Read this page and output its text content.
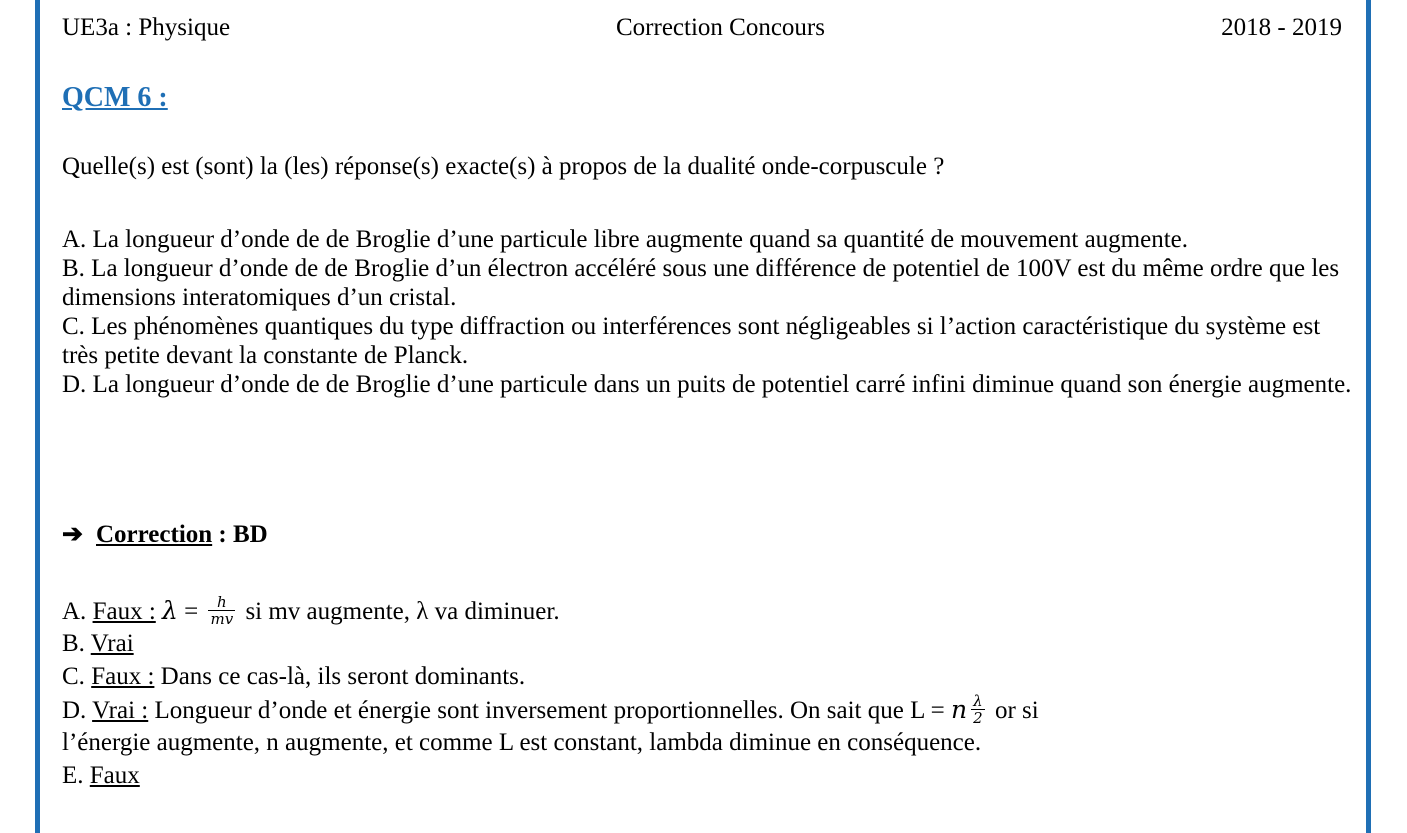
UE3a : Physique	Correction Concours	2018 - 2019
QCM 6 :
Quelle(s) est (sont) la (les) réponse(s) exacte(s) à propos de la dualité onde-corpuscule ?

A. La longueur d’onde de de Broglie d’une particule libre augmente quand sa quantité de mouvement augmente.

B. La longueur d’onde de de Broglie d’un électron accéléré sous une différence de potentiel de 100V est du même ordre que les dimensions interatomiques d’un cristal.

C. Les phénomènes quantiques du type diffraction ou interférences sont négligeables si l’action caractéristique du système est très petite devant la constante de Planck.

D. La longueur d’onde de de Broglie d’une particule dans un puits de potentiel carré infini diminue quand son énergie augmente.

➔ Correction : BD
A. Faux : $\lambda = \frac{h}{mv}$ si mv augmente, λ va diminuer.
B. Vrai
C. Faux : Dans ce cas-là, ils seront dominants.
D. Vrai : Longueur d’onde et énergie sont inversement proportionnelles. On sait que L = n $\frac{\lambda}{2}$ or si
l’énergie augmente, n augmente, et comme L est constant, lambda diminue en conséquence.
E. Faux
